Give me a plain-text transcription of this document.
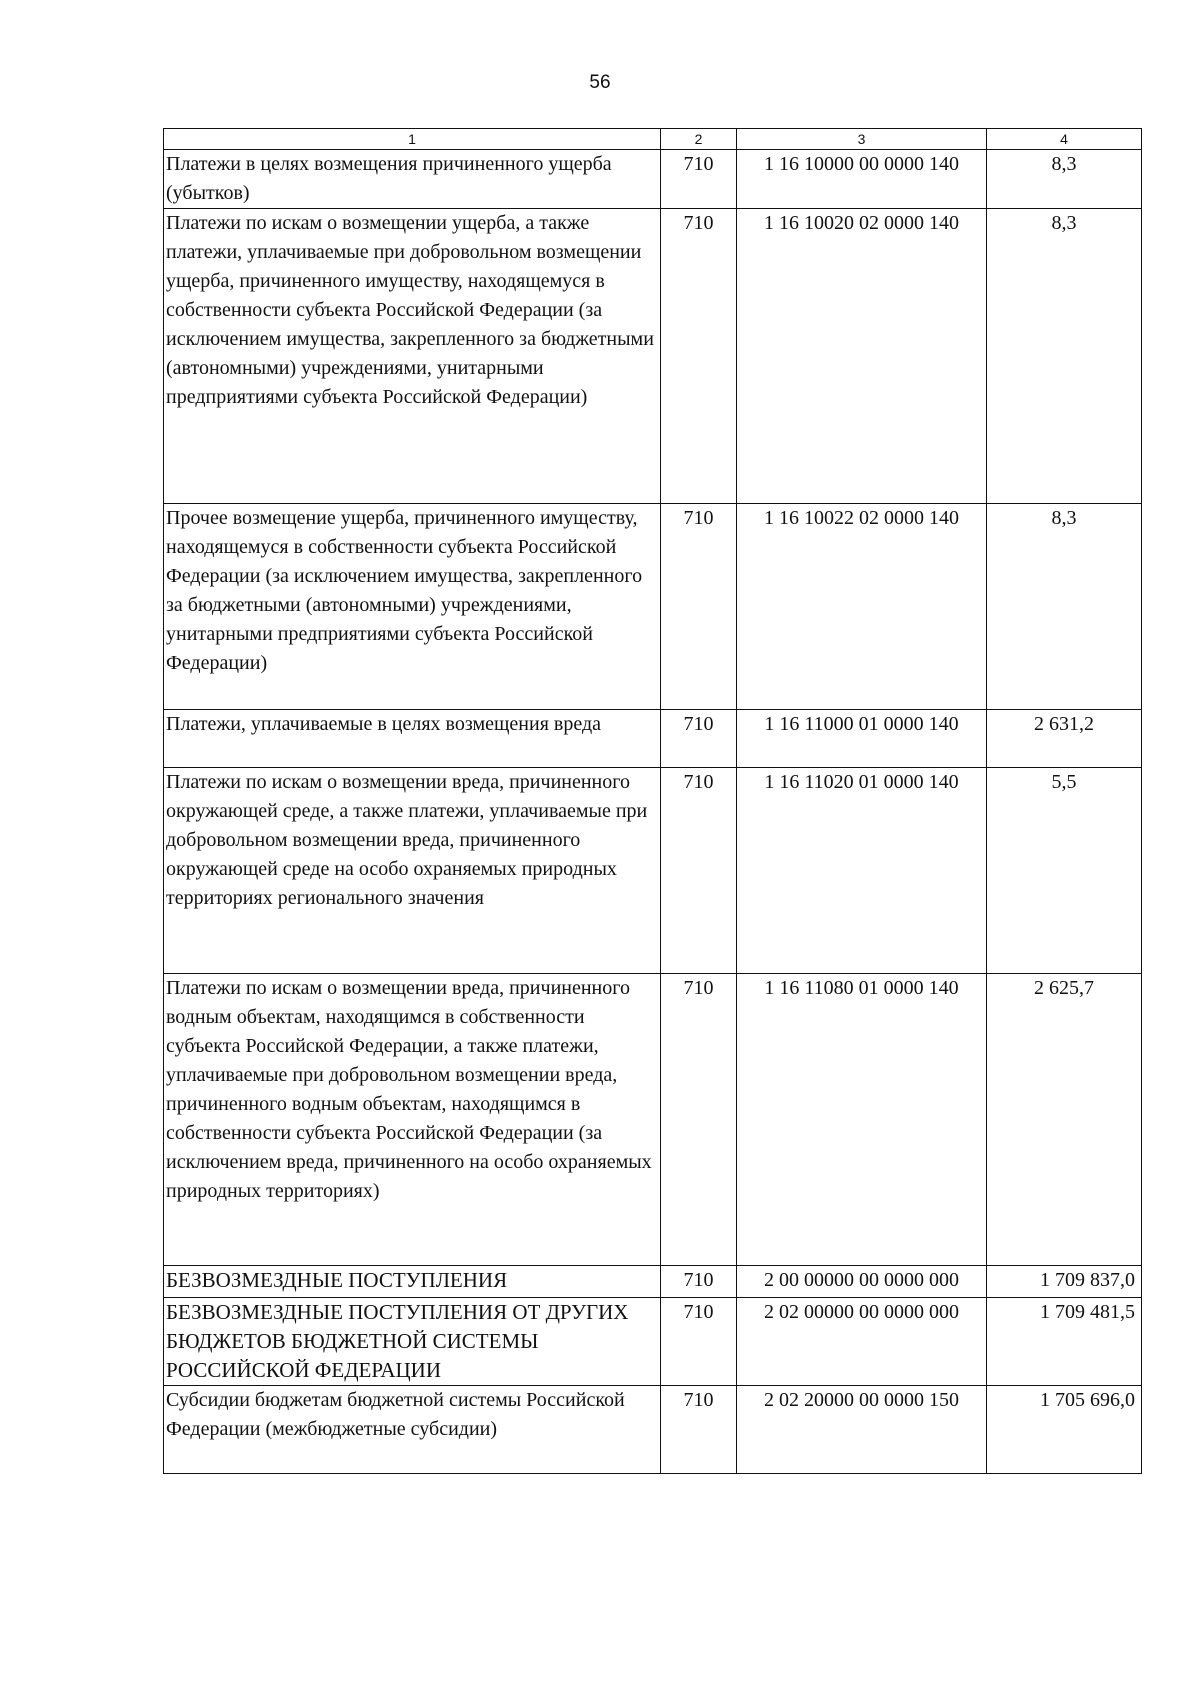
56
1	2	3	4
Платежи в целях возмещения причиненного ущерба (убытков)	710	1 16 10000 00 0000 140	8,3
Платежи по искам о возмещении ущерба, а также платежи, уплачиваемые при добровольном возмещении ущерба, причиненного имуществу, находящемуся в собственности субъекта Российской Федерации (за исключением имущества, закрепленного за бюджетными (автономными) учреждениями, унитарными предприятиями субъекта Российской Федерации)	710	1 16 10020 02 0000 140	8,3
Прочее возмещение ущерба, причиненного имуществу, находящемуся в собственности субъекта Российской Федерации (за исключением имущества, закрепленного за бюджетными (автономными) учреждениями, унитарными предприятиями субъекта Российской Федерации)	710	1 16 10022 02 0000 140	8,3
Платежи, уплачиваемые в целях возмещения вреда	710	1 16 11000 01 0000 140	2 631,2
Платежи по искам о возмещении вреда, причиненного окружающей среде, а также платежи, уплачиваемые при добровольном возмещении вреда, причиненного окружающей среде на особо охраняемых природных территориях регионального значения	710	1 16 11020 01 0000 140	5,5
Платежи по искам о возмещении вреда, причиненного водным объектам, находящимся в собственности субъекта Российской Федерации, а также платежи, уплачиваемые при добровольном возмещении вреда, причиненного водным объектам, находящимся в собственности субъекта Российской Федерации (за исключением вреда, причиненного на особо охраняемых природных территориях)	710	1 16 11080 01 0000 140	2 625,7
БЕЗВОЗМЕЗДНЫЕ ПОСТУПЛЕНИЯ	710	2 00 00000 00 0000 000	1 709 837,0
БЕЗВОЗМЕЗДНЫЕ ПОСТУПЛЕНИЯ ОТ ДРУГИХ БЮДЖЕТОВ БЮДЖЕТНОЙ СИСТЕМЫ РОССИЙСКОЙ ФЕДЕРАЦИИ	710	2 02 00000 00 0000 000	1 709 481,5
Субсидии бюджетам бюджетной системы Российской Федерации (межбюджетные субсидии)	710	2 02 20000 00 0000 150	1 705 696,0
